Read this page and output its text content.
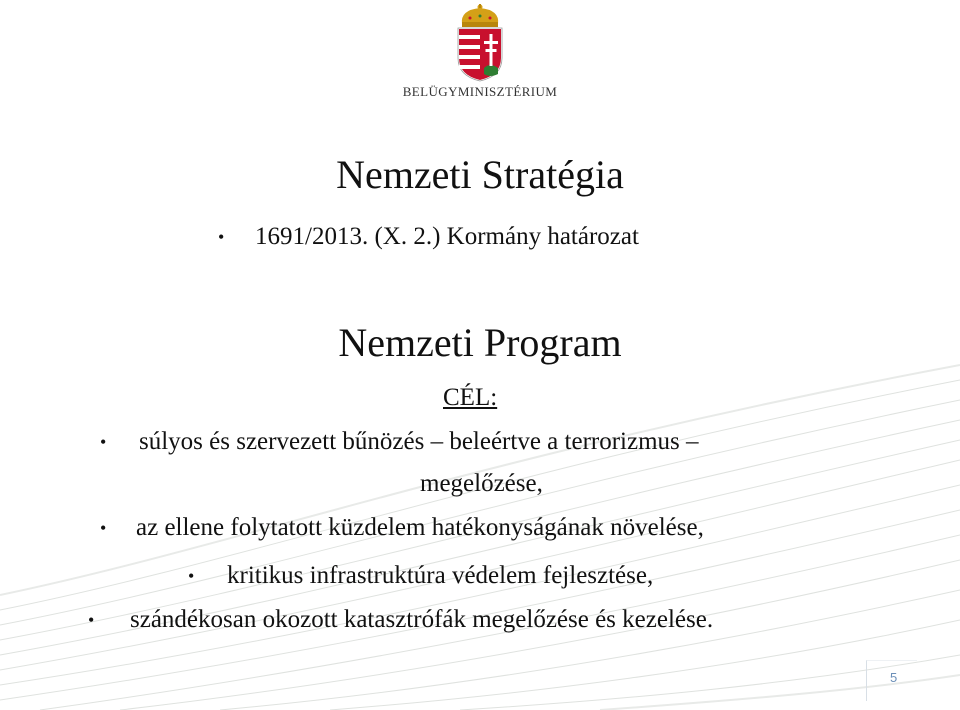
BELÜGYMINISZTÉRIUM
Nemzeti Stratégia
• 1691/2013. (X. 2.) Kormány határozat
Nemzeti Program
CÉL:
• súlyos és szervezett bűnözés – beleértve a terrorizmus –
megelőzése,
• az ellene folytatott küzdelem hatékonyságának növelése,
• kritikus infrastruktúra védelem fejlesztése,
• szándékosan okozott katasztrófák megelőzése és kezelése.
5
